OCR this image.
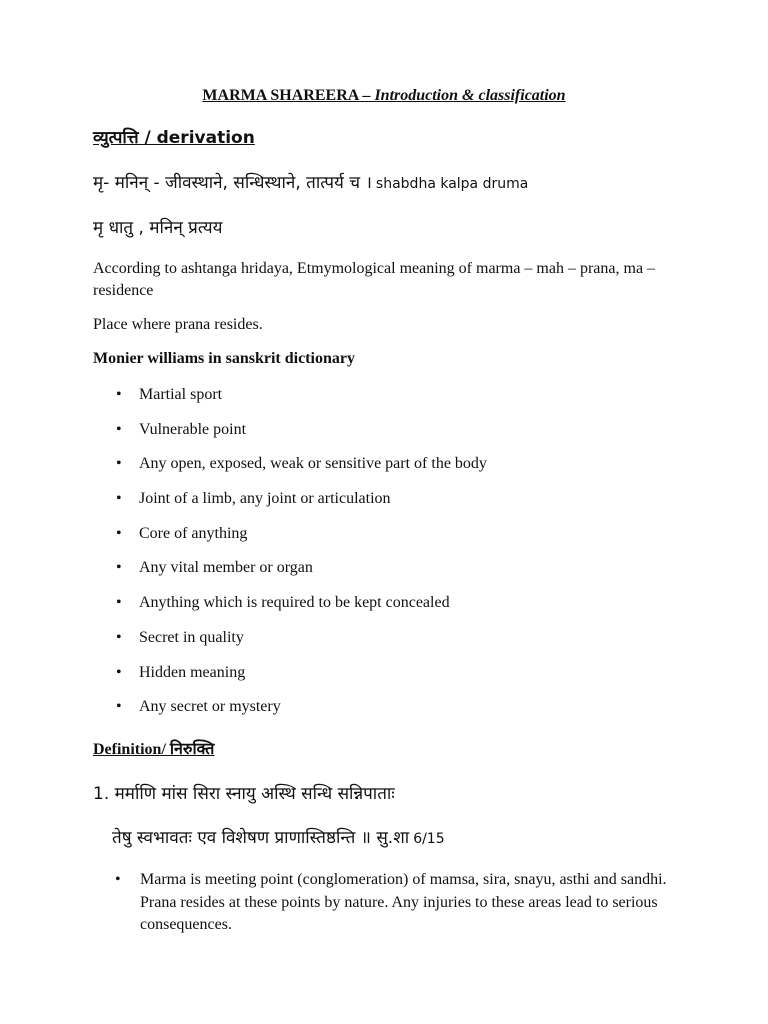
MARMA SHAREERA – Introduction & classification
व्युत्पत्ति / derivation
मृ- मनिन् - जीवस्थाने, सन्धिस्थाने, तात्पर्य च । shabdha kalpa druma
मृ धातु , मनिन् प्रत्यय
According to ashtanga hridaya, Etmymological meaning of marma – mah – prana, ma – residence
Place where prana resides.
Monier williams in sanskrit dictionary
• Martial sport
• Vulnerable point
• Any open, exposed, weak or sensitive part of the body
• Joint of a limb, any joint or articulation
• Core of anything
• Any vital member or organ
• Anything which is required to be kept concealed
• Secret in quality
• Hidden meaning
• Any secret or mystery
Definition/ निरुक्ति
1. मर्माणि मांस सिरा स्नायु अस्थि सन्धि सन्निपाताः
तेषु स्वभावतः एव विशेषण प्राणास्तिष्ठन्ति ॥ सु.शा 6/15
• Marma is meeting point (conglomeration) of mamsa, sira, snayu, asthi and sandhi. Prana resides at these points by nature. Any injuries to these areas lead to serious consequences.
